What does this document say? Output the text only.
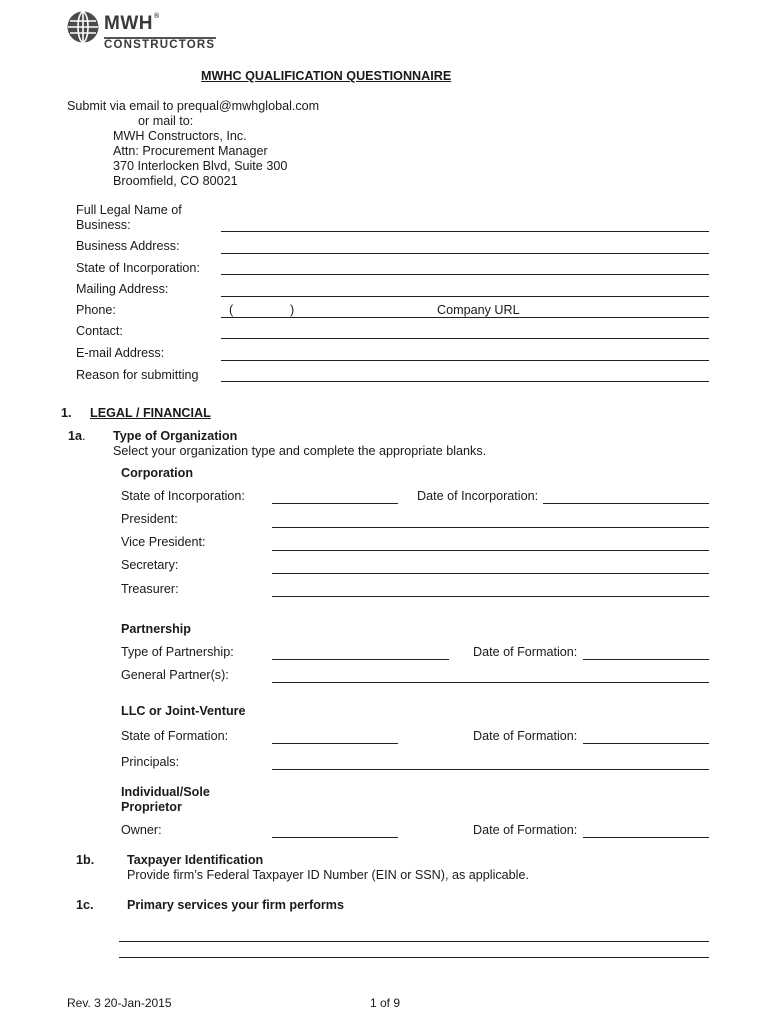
MWH®
CONSTRUCTORS
MWHC QUALIFICATION QUESTIONNAIRE
Submit via email to prequal@mwhglobal.com
or mail to:
MWH Constructors, Inc.
Attn: Procurement Manager
370 Interlocken Blvd, Suite 300
Broomfield, CO 80021
Full Legal Name of
Business:
Business Address:
State of Incorporation:
Mailing Address:
Phone:	(	)	Company URL
Contact:
E-mail Address:
Reason for submitting
1. LEGAL / FINANCIAL
1a. Type of Organization
Select your organization type and complete the appropriate blanks.
Corporation
State of Incorporation:	Date of Incorporation:
President:
Vice President:
Secretary:
Treasurer:
Partnership
Type of Partnership:	Date of Formation:
General Partner(s):
LLC or Joint-Venture
State of Formation:	Date of Formation:
Principals:
Individual/Sole
Proprietor
Owner:	Date of Formation:
1b.	Taxpayer Identification
Provide firm’s Federal Taxpayer ID Number (EIN or SSN), as applicable.
1c.	Primary services your firm performs
Rev. 3 20-Jan-2015	1 of 9
